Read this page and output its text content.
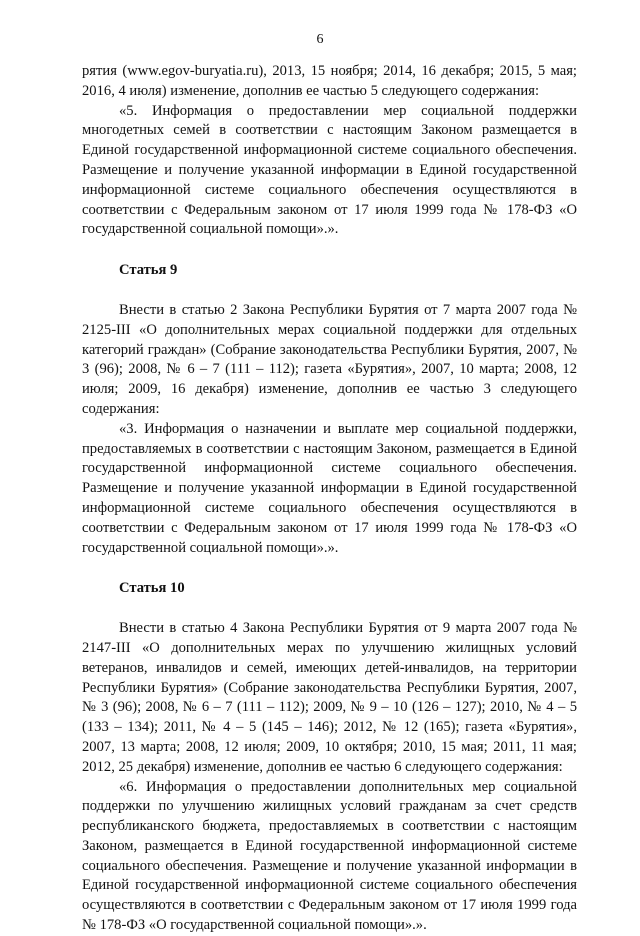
6

рятия (www.egov-buryatia.ru), 2013, 15 ноября; 2014, 16 декабря; 2015, 5 мая; 2016, 4 июля) изменение, дополнив ее частью 5 следующего содержания:

«5. Информация о предоставлении мер социальной поддержки многодетных семей в соответствии с настоящим Законом размещается в Единой государственной информационной системе социального обеспечения. Размещение и получение указанной информации в Единой государственной информационной системе социального обеспечения осуществляются в соответствии с Федеральным законом от 17 июля 1999 года № 178-ФЗ «О государственной социальной помощи».».

Статья 9

Внести в статью 2 Закона Республики Бурятия от 7 марта 2007 года № 2125-III «О дополнительных мерах социальной поддержки для отдельных категорий граждан» (Собрание законодательства Республики Бурятия, 2007, № 3 (96); 2008, № 6 – 7 (111 – 112); газета «Бурятия», 2007, 10 марта; 2008, 12 июля; 2009, 16 декабря) изменение, дополнив ее частью 3 следующего содержания:

«3. Информация о назначении и выплате мер социальной поддержки, предоставляемых в соответствии с настоящим Законом, размещается в Единой государственной информационной системе социального обеспечения. Размещение и получение указанной информации в Единой государственной информационной системе социального обеспечения осуществляются в соответствии с Федеральным законом от 17 июля 1999 года № 178-ФЗ «О государственной социальной помощи».».

Статья 10

Внести в статью 4 Закона Республики Бурятия от 9 марта 2007 года № 2147-III «О дополнительных мерах по улучшению жилищных условий ветеранов, инвалидов и семей, имеющих детей-инвалидов, на территории Республики Бурятия» (Собрание законодательства Республики Бурятия, 2007, № 3 (96); 2008, № 6 – 7 (111 – 112); 2009, № 9 – 10 (126 – 127); 2010, № 4 – 5 (133 – 134); 2011, № 4 – 5 (145 – 146); 2012, № 12 (165); газета «Бурятия», 2007, 13 марта; 2008, 12 июля; 2009, 10 октября; 2010, 15 мая; 2011, 11 мая; 2012, 25 декабря) изменение, дополнив ее частью 6 следующего содержания:

«6. Информация о предоставлении дополнительных мер социальной поддержки по улучшению жилищных условий гражданам за счет средств республиканского бюджета, предоставляемых в соответствии с настоящим Законом, размещается в Единой государственной информационной системе социального обеспечения. Размещение и получение указанной информации в Единой государственной информационной системе социального обеспечения осуществляются в соответствии с Федеральным законом от 17 июля 1999 года № 178-ФЗ «О государственной социальной помощи».».
